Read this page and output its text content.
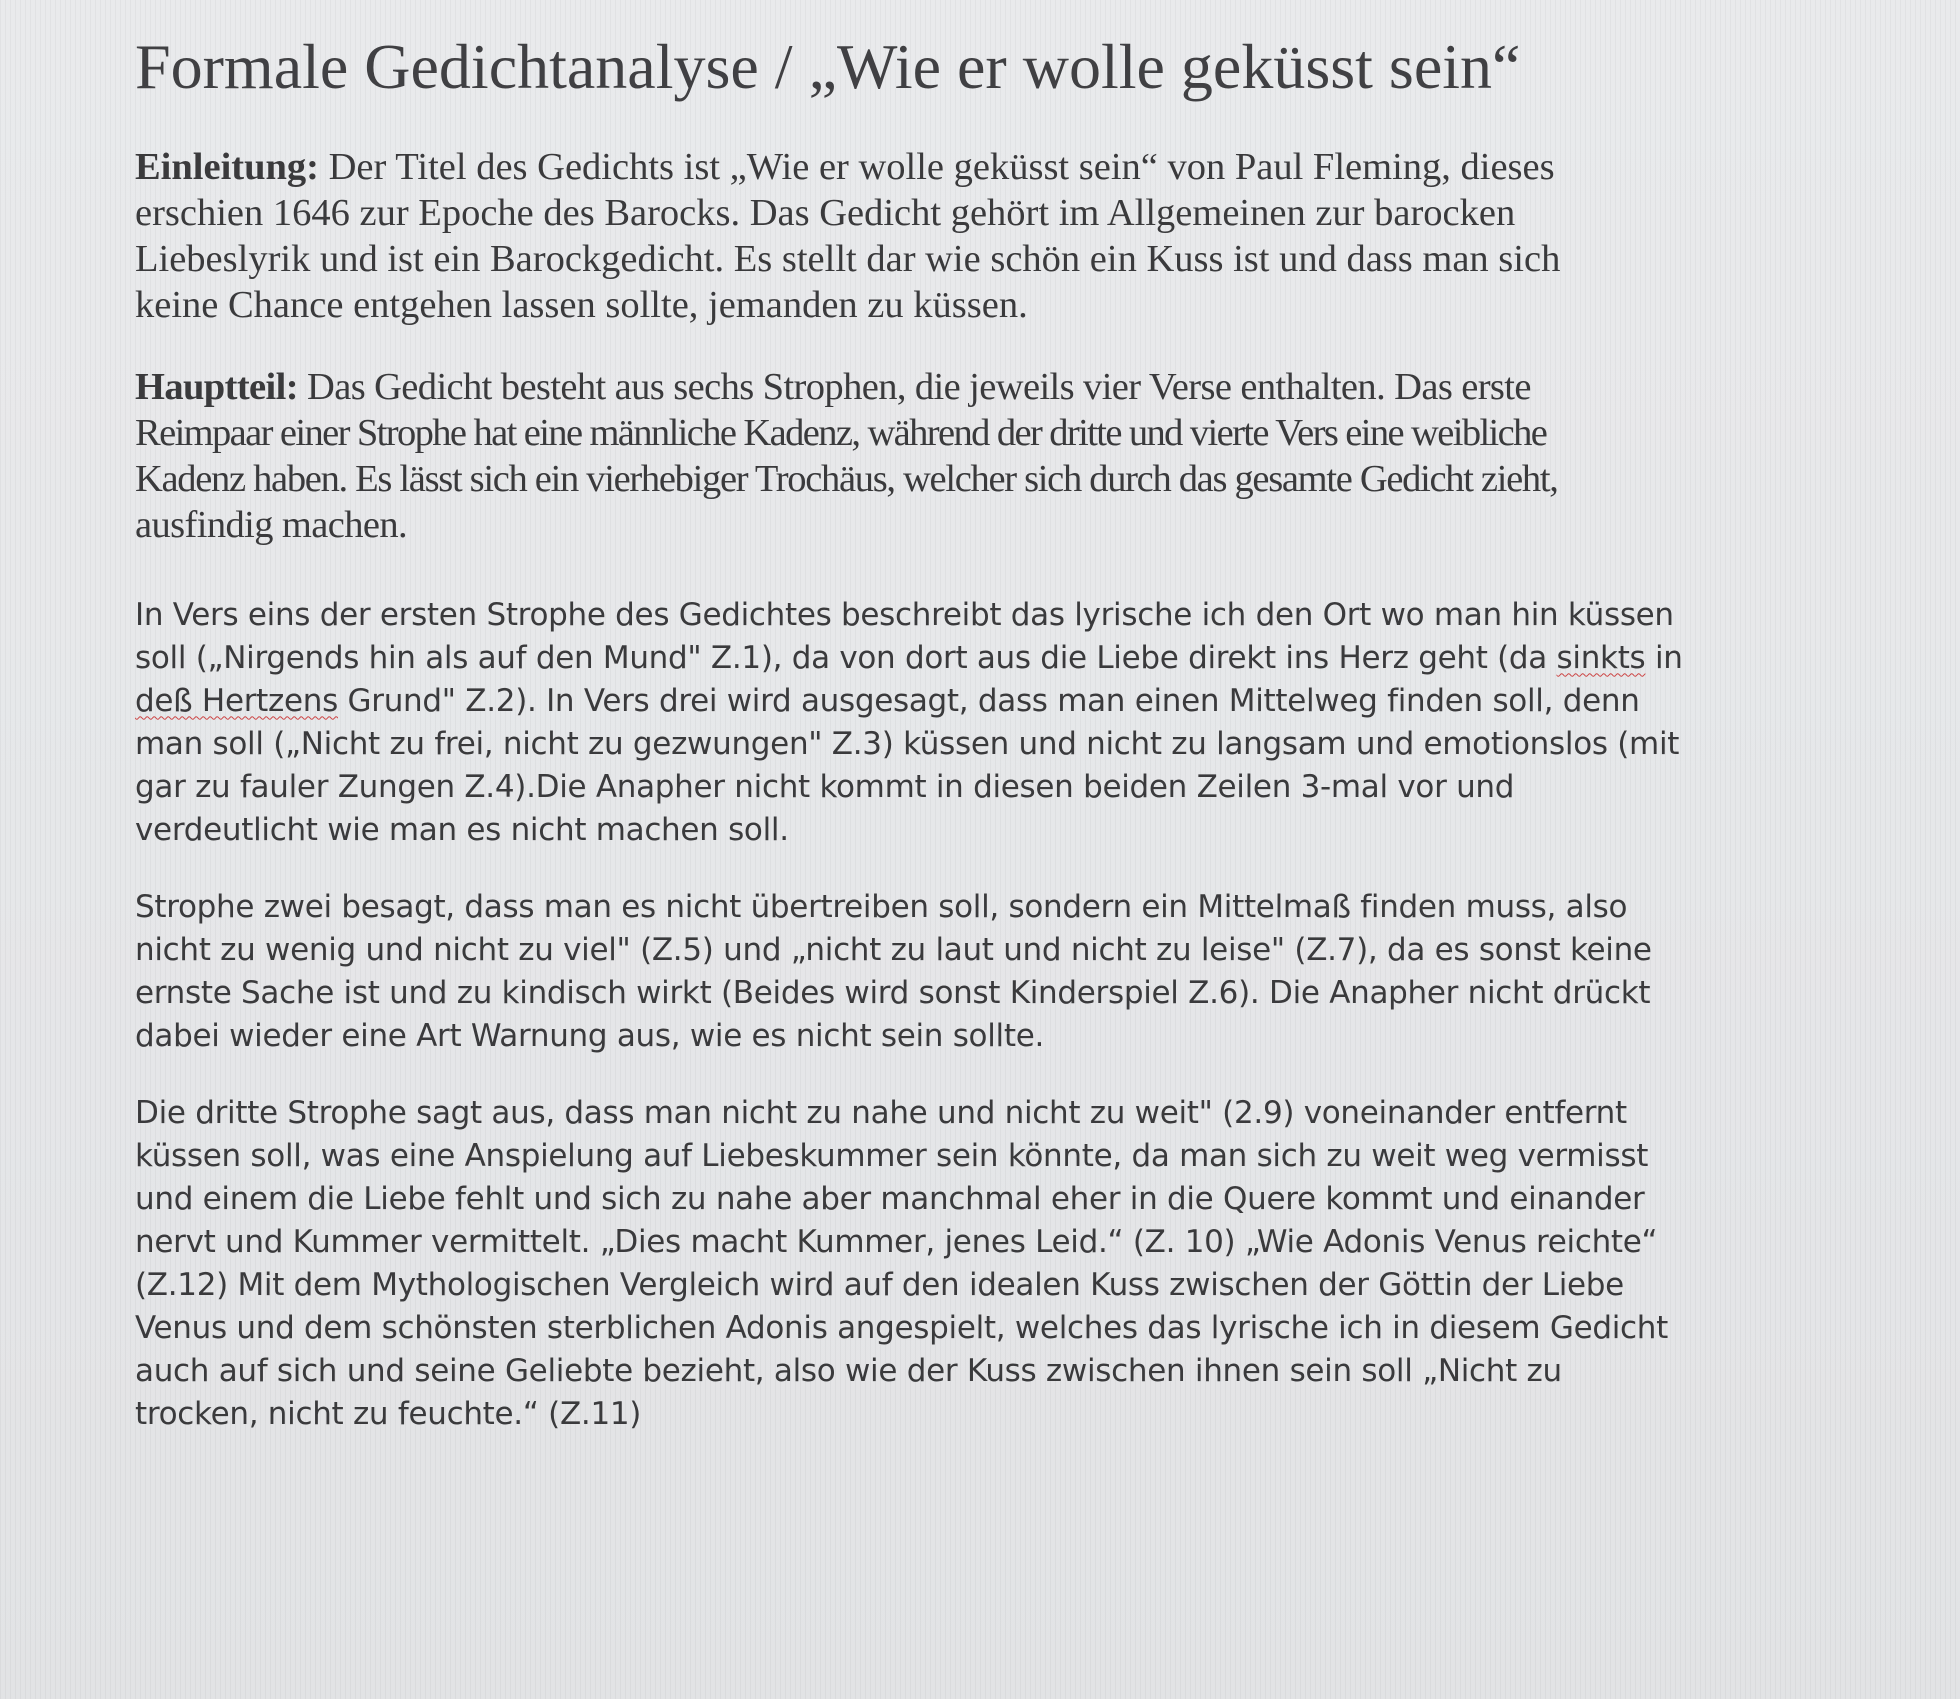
Formale Gedichtanalyse / „Wie er wolle geküsst sein“

Einleitung: Der Titel des Gedichts ist „Wie er wolle geküsst sein“ von Paul Fleming, dieses
erschien 1646 zur Epoche des Barocks. Das Gedicht gehört im Allgemeinen zur barocken
Liebeslyrik und ist ein Barockgedicht. Es stellt dar wie schön ein Kuss ist und dass man sich
keine Chance entgehen lassen sollte, jemanden zu küssen.

Hauptteil: Das Gedicht besteht aus sechs Strophen, die jeweils vier Verse enthalten. Das erste
Reimpaar einer Strophe hat eine männliche Kadenz, während der dritte und vierte Vers eine weibliche
Kadenz haben. Es lässt sich ein vierhebiger Trochäus, welcher sich durch das gesamte Gedicht zieht,
ausfindig machen.

In Vers eins der ersten Strophe des Gedichtes beschreibt das lyrische ich den Ort wo man hin küssen
soll („Nirgends hin als auf den Mund" Z.1), da von dort aus die Liebe direkt ins Herz geht (da sinkts in
deß Hertzens Grund" Z.2). In Vers drei wird ausgesagt, dass man einen Mittelweg finden soll, denn
man soll („Nicht zu frei, nicht zu gezwungen" Z.3) küssen und nicht zu langsam und emotionslos (mit
gar zu fauler Zungen Z.4).Die Anapher nicht kommt in diesen beiden Zeilen 3-mal vor und
verdeutlicht wie man es nicht machen soll.

Strophe zwei besagt, dass man es nicht übertreiben soll, sondern ein Mittelmaß finden muss, also
nicht zu wenig und nicht zu viel" (Z.5) und „nicht zu laut und nicht zu leise" (Z.7), da es sonst keine
ernste Sache ist und zu kindisch wirkt (Beides wird sonst Kinderspiel Z.6). Die Anapher nicht drückt
dabei wieder eine Art Warnung aus, wie es nicht sein sollte.

Die dritte Strophe sagt aus, dass man nicht zu nahe und nicht zu weit" (2.9) voneinander entfernt
küssen soll, was eine Anspielung auf Liebeskummer sein könnte, da man sich zu weit weg vermisst
und einem die Liebe fehlt und sich zu nahe aber manchmal eher in die Quere kommt und einander
nervt und Kummer vermittelt. „Dies macht Kummer, jenes Leid.“ (Z. 10) „Wie Adonis Venus reichte“
(Z.12) Mit dem Mythologischen Vergleich wird auf den idealen Kuss zwischen der Göttin der Liebe
Venus und dem schönsten sterblichen Adonis angespielt, welches das lyrische ich in diesem Gedicht
auch auf sich und seine Geliebte bezieht, also wie der Kuss zwischen ihnen sein soll „Nicht zu
trocken, nicht zu feuchte.“ (Z.11)
